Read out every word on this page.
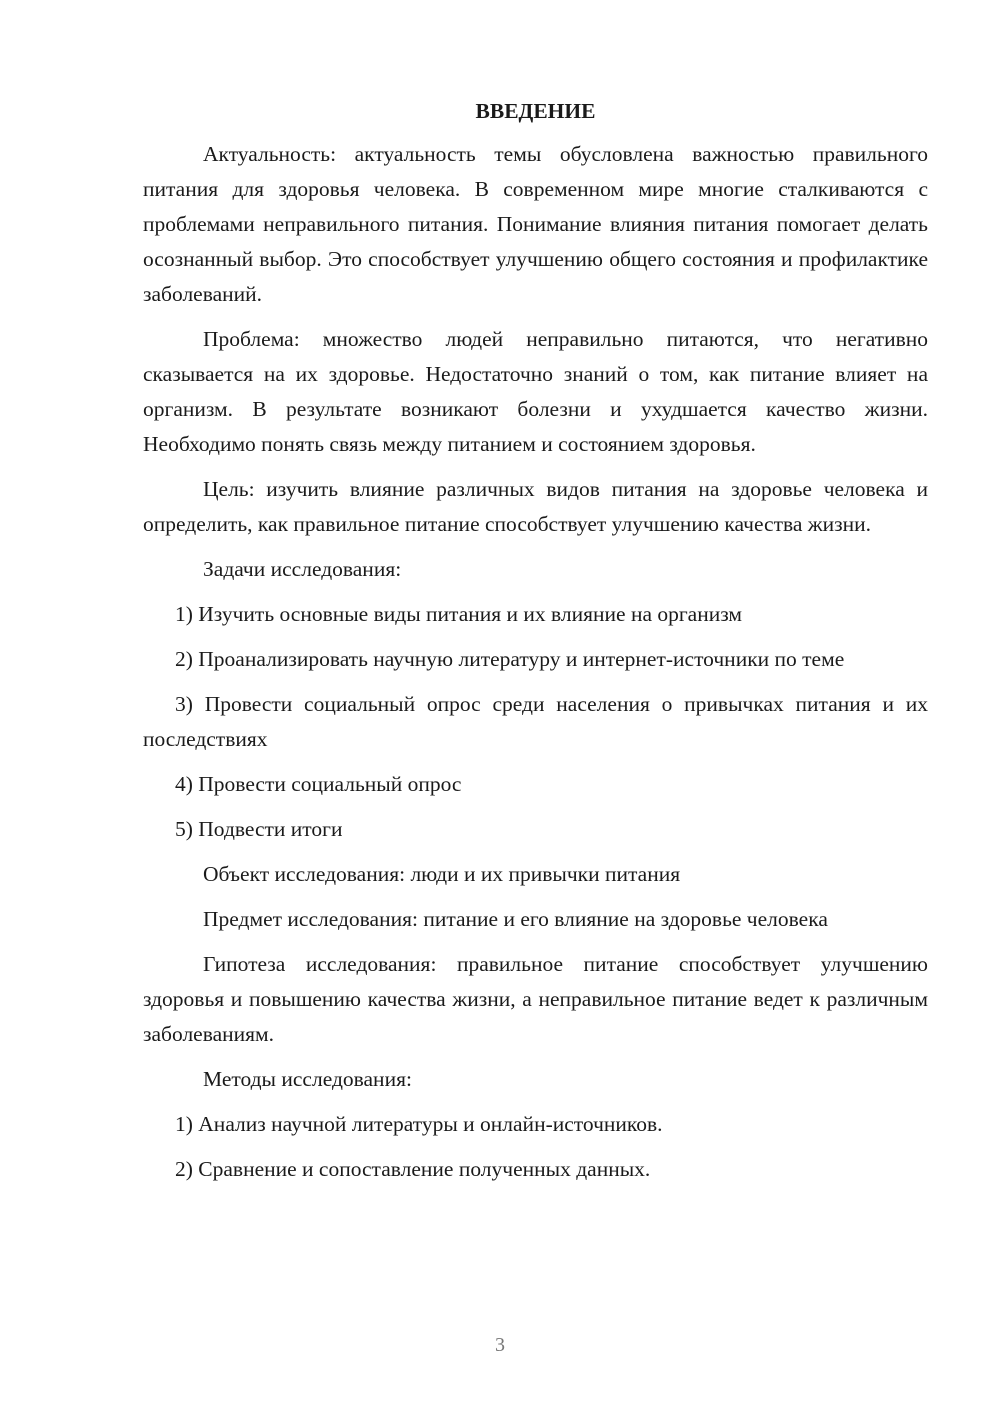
ВВЕДЕНИЕ

Актуальность: актуальность темы обусловлена важностью правильного питания для здоровья человека. В современном мире многие сталкиваются с проблемами неправильного питания. Понимание влияния питания помогает делать осознанный выбор. Это способствует улучшению общего состояния и профилактике заболеваний.

Проблема: множество людей неправильно питаются, что негативно сказывается на их здоровье. Недостаточно знаний о том, как питание влияет на организм. В результате возникают болезни и ухудшается качество жизни. Необходимо понять связь между питанием и состоянием здоровья.

Цель: изучить влияние различных видов питания на здоровье человека и определить, как правильное питание способствует улучшению качества жизни.

Задачи исследования:

1) Изучить основные виды питания и их влияние на организм

2) Проанализировать научную литературу и интернет-источники по теме

3) Провести социальный опрос среди населения о привычках питания и их последствиях

4) Провести социальный опрос

5) Подвести итоги

Объект исследования: люди и их привычки питания

Предмет исследования: питание и его влияние на здоровье человека

Гипотеза исследования: правильное питание способствует улучшению здоровья и повышению качества жизни, а неправильное питание ведет к различным заболеваниям.

Методы исследования:

1) Анализ научной литературы и онлайн-источников.

2) Сравнение и сопоставление полученных данных.

3
